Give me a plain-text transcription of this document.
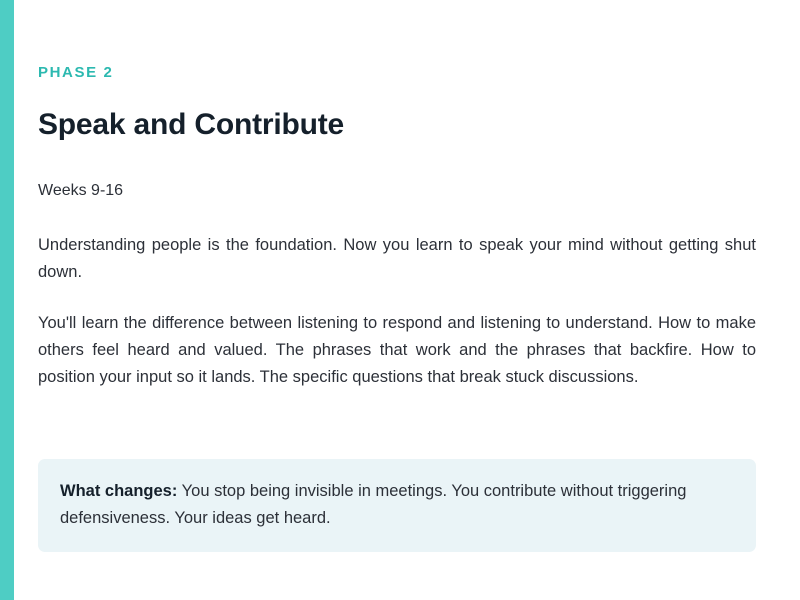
PHASE 2
Speak and Contribute
Weeks 9-16
Understanding people is the foundation. Now you learn to speak your mind without getting shut down.
You'll learn the difference between listening to respond and listening to understand. How to make others feel heard and valued. The phrases that work and the phrases that backfire. How to position your input so it lands. The specific questions that break stuck discussions.
What changes: You stop being invisible in meetings. You contribute without triggering defensiveness. Your ideas get heard.
